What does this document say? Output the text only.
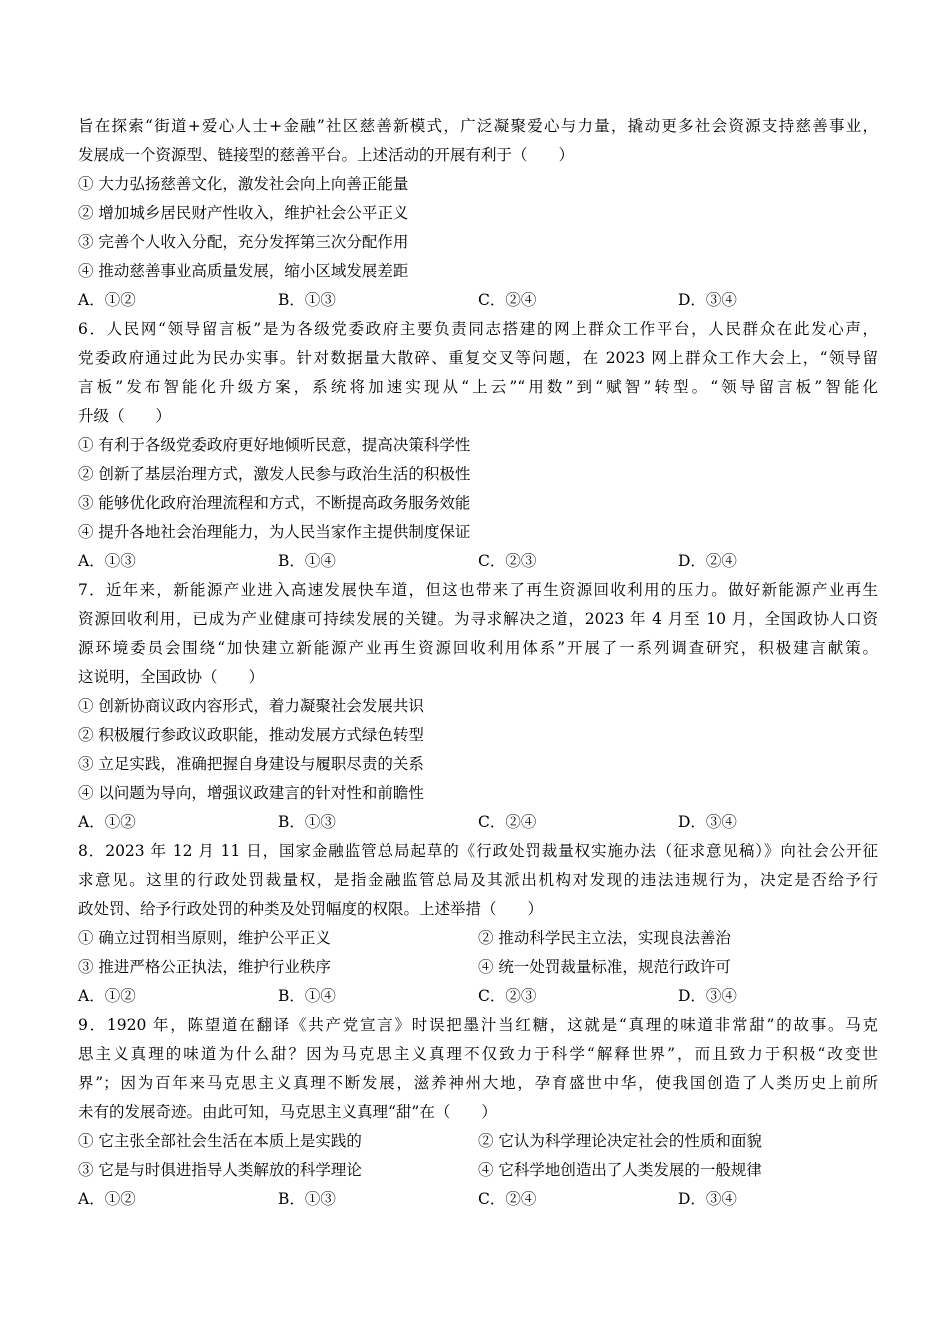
旨在探索“街道+爱心人士+金融”社区慈善新模式，广泛凝聚爱心与力量，撬动更多社会资源支持慈善事业，
发展成一个资源型、链接型的慈善平台。上述活动的开展有利于（　　）
① 大力弘扬慈善文化，激发社会向上向善正能量
② 增加城乡居民财产性收入，维护社会公平正义
③ 完善个人收入分配，充分发挥第三次分配作用
④ 推动慈善事业高质量发展，缩小区域发展差距
A．①②	B．①③	C．②④	D．③④
6．人民网“领导留言板”是为各级党委政府主要负责同志搭建的网上群众工作平台，人民群众在此发心声，
党委政府通过此为民办实事。针对数据量大散碎、重复交叉等问题，在 2023 网上群众工作大会上，“领导留
言板”发布智能化升级方案，系统将加速实现从“上云”“用数”到“赋智”转型。“领导留言板”智能化
升级（　　）
① 有利于各级党委政府更好地倾听民意，提高决策科学性
② 创新了基层治理方式，激发人民参与政治生活的积极性
③ 能够优化政府治理流程和方式，不断提高政务服务效能
④ 提升各地社会治理能力，为人民当家作主提供制度保证
A．①③	B．①④	C．②③	D．②④
7．近年来，新能源产业进入高速发展快车道，但这也带来了再生资源回收利用的压力。做好新能源产业再生
资源回收利用，已成为产业健康可持续发展的关键。为寻求解决之道，2023 年 4 月至 10 月，全国政协人口资
源环境委员会围绕“加快建立新能源产业再生资源回收利用体系”开展了一系列调查研究，积极建言献策。
这说明，全国政协（　　）
① 创新协商议政内容形式，着力凝聚社会发展共识
② 积极履行参政议政职能，推动发展方式绿色转型
③ 立足实践，准确把握自身建设与履职尽责的关系
④ 以问题为导向，增强议政建言的针对性和前瞻性
A．①②	B．①③	C．②④	D．③④
8．2023 年 12 月 11 日，国家金融监管总局起草的《行政处罚裁量权实施办法（征求意见稿）》向社会公开征
求意见。这里的行政处罚裁量权，是指金融监管总局及其派出机构对发现的违法违规行为，决定是否给予行
政处罚、给予行政处罚的种类及处罚幅度的权限。上述举措（　　）
① 确立过罚相当原则，维护公平正义	② 推动科学民主立法，实现良法善治
③ 推进严格公正执法，维护行业秩序	④ 统一处罚裁量标准，规范行政许可
A．①②	B．①④	C．②③	D．③④
9．1920 年，陈望道在翻译《共产党宣言》时误把墨汁当红糖，这就是“真理的味道非常甜”的故事。马克
思主义真理的味道为什么甜？因为马克思主义真理不仅致力于科学“解释世界”，而且致力于积极“改变世
界”；因为百年来马克思主义真理不断发展，滋养神州大地，孕育盛世中华，使我国创造了人类历史上前所
未有的发展奇迹。由此可知，马克思主义真理“甜”在（　　）
① 它主张全部社会生活在本质上是实践的	② 它认为科学理论决定社会的性质和面貌
③ 它是与时俱进指导人类解放的科学理论	④ 它科学地创造出了人类发展的一般规律
A．①②	B．①③	C．②④	D．③④
